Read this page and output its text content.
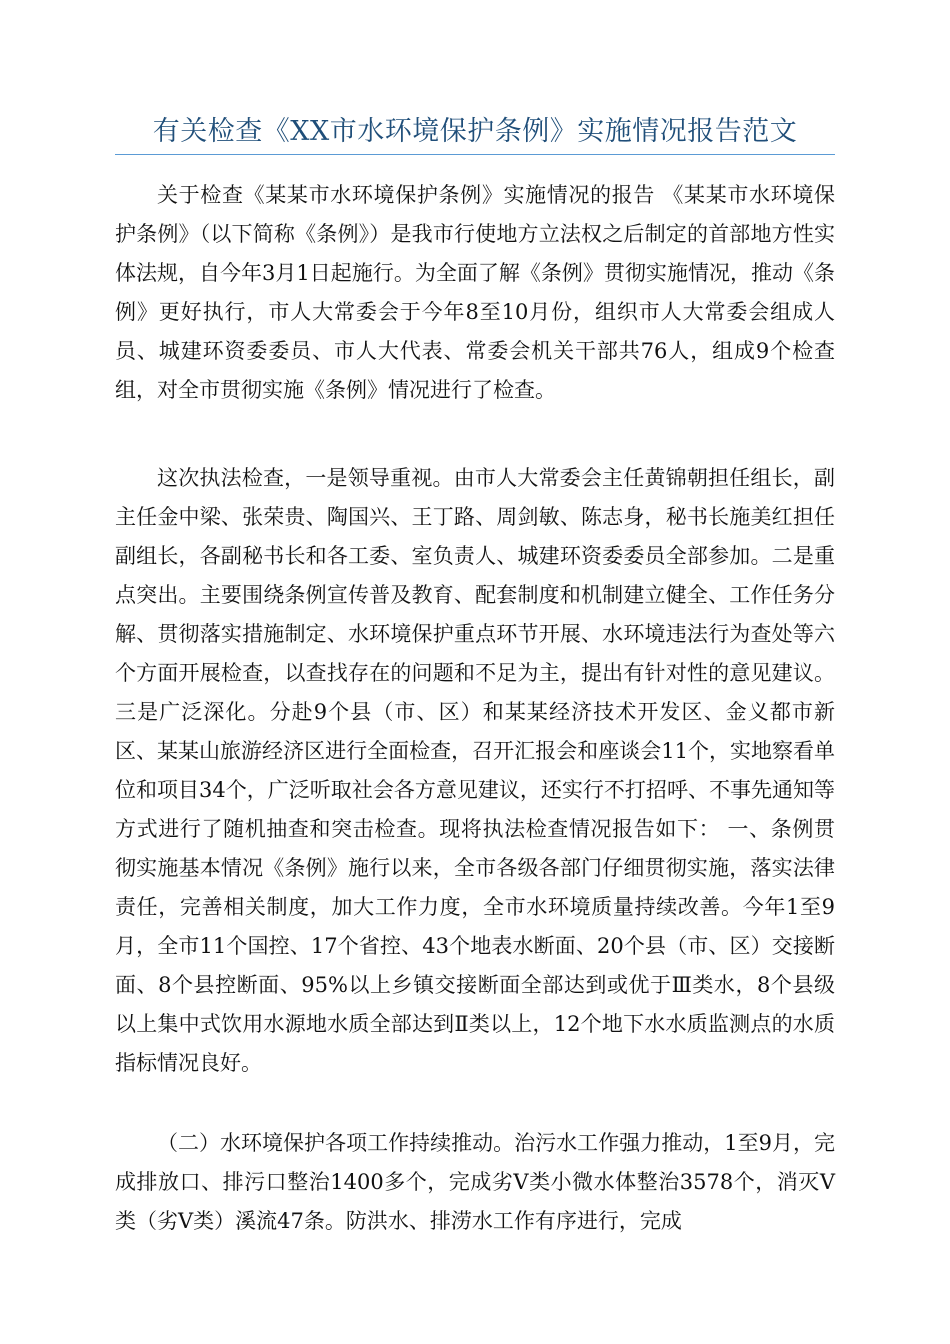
有关检查《XX市水环境保护条例》实施情况报告范文

关于检查《某某市水环境保护条例》实施情况的报告 《某某市水环境保护条例》（以下简称《条例》）是我市行使地方立法权之后制定的首部地方性实体法规，自今年3月1日起施行。为全面了解《条例》贯彻实施情况，推动《条例》更好执行，市人大常委会于今年8至10月份，组织市人大常委会组成人员、城建环资委委员、市人大代表、常委会机关干部共76人，组成9个检查组，对全市贯彻实施《条例》情况进行了检查。

这次执法检查，一是领导重视。由市人大常委会主任黄锦朝担任组长，副主任金中梁、张荣贵、陶国兴、王丁路、周剑敏、陈志身，秘书长施美红担任副组长，各副秘书长和各工委、室负责人、城建环资委委员全部参加。二是重点突出。主要围绕条例宣传普及教育、配套制度和机制建立健全、工作任务分解、贯彻落实措施制定、水环境保护重点环节开展、水环境违法行为查处等六个方面开展检查，以查找存在的问题和不足为主，提出有针对性的意见建议。三是广泛深化。分赴9个县（市、区）和某某经济技术开发区、金义都市新区、某某山旅游经济区进行全面检查，召开汇报会和座谈会11个，实地察看单位和项目34个，广泛听取社会各方意见建议，还实行不打招呼、不事先通知等方式进行了随机抽查和突击检查。现将执法检查情况报告如下： 一、条例贯彻实施基本情况《条例》施行以来，全市各级各部门仔细贯彻实施，落实法律责任，完善相关制度，加大工作力度，全市水环境质量持续改善。今年1至9月，全市11个国控、17个省控、43个地表水断面、20个县（市、区）交接断面、8个县控断面、95%以上乡镇交接断面全部达到或优于Ⅲ类水，8个县级以上集中式饮用水源地水质全部达到Ⅱ类以上，12个地下水水质监测点的水质指标情况良好。

（二）水环境保护各项工作持续推动。治污水工作强力推动，1至9月，完成排放口、排污口整治1400多个，完成劣Ⅴ类小微水体整治3578个，消灭Ⅴ类（劣Ⅴ类）溪流47条。防洪水、排涝水工作有序进行，完成
